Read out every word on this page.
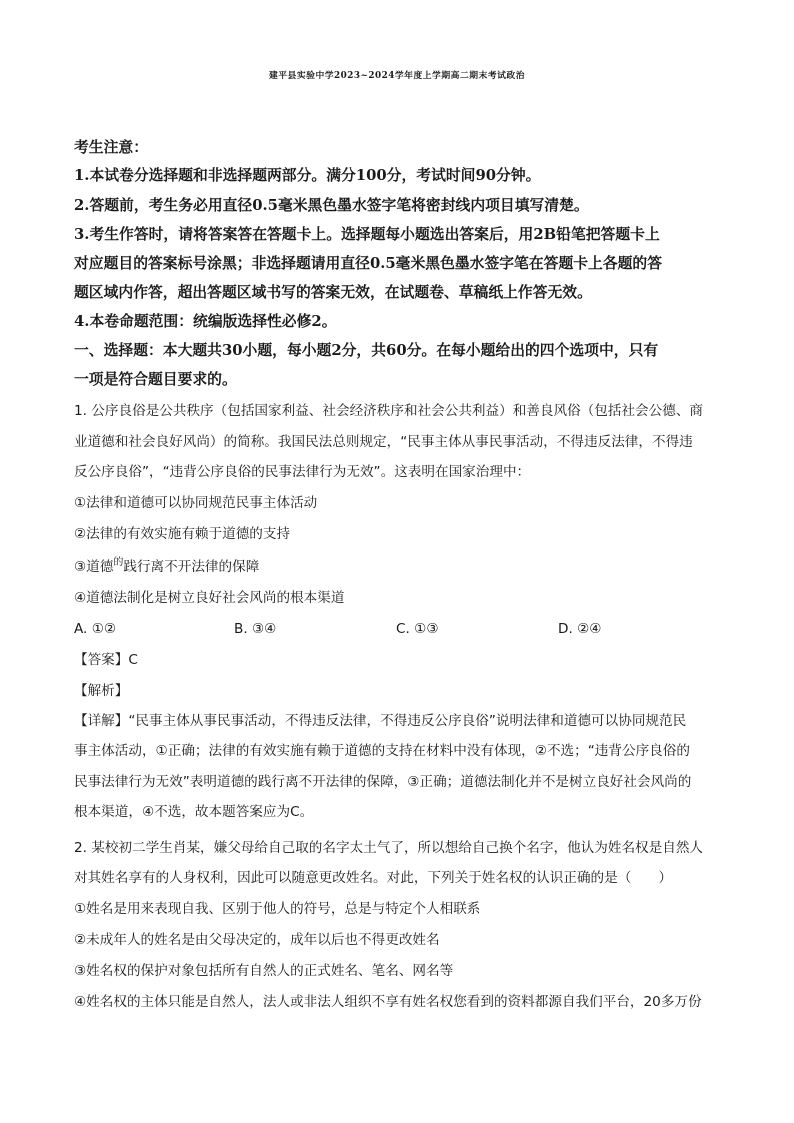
建平县实验中学2023~2024学年度上学期高二期末考试政治
考生注意：
1.本试卷分选择题和非选择题两部分。满分100分，考试时间90分钟。
2.答题前，考生务必用直径0.5毫米黑色墨水签字笔将密封线内项目填写清楚。
3.考生作答时，请将答案答在答题卡上。选择题每小题选出答案后，用2B铅笔把答题卡上
对应题目的答案标号涂黑；非选择题请用直径0.5毫米黑色墨水签字笔在答题卡上各题的答
题区域内作答，超出答题区域书写的答案无效，在试题卷、草稿纸上作答无效。
4.本卷命题范围：统编版选择性必修2。
一、选择题：本大题共30小题，每小题2分，共60分。在每小题给出的四个选项中，只有
一项是符合题目要求的。
1. 公序良俗是公共秩序（包括国家利益、社会经济秩序和社会公共利益）和善良风俗（包括社会公德、商
业道德和社会良好风尚）的简称。我国民法总则规定，“民事主体从事民事活动，不得违反法律，不得违
反公序良俗”，“违背公序良俗的民事法律行为无效”。这表明在国家治理中：
①法律和道德可以协同规范民事主体活动
②法律的有效实施有赖于道德的支持
③道德$^的$践行离不开法律的保障
④道德法制化是树立良好社会风尚的根本渠道
A. ①②	B. ③④	C. ①③	D. ②④
【答案】C
【解析】
【详解】“民事主体从事民事活动，不得违反法律，不得违反公序良俗”说明法律和道德可以协同规范民
事主体活动，①正确；法律的有效实施有赖于道德的支持在材料中没有体现，②不选；“违背公序良俗的
民事法律行为无效”表明道德的践行离不开法律的保障，③正确；道德法制化并不是树立良好社会风尚的
根本渠道，④不选，故本题答案应为C。
2. 某校初二学生肖某，嫌父母给自己取的名字太土气了，所以想给自己换个名字，他认为姓名权是自然人
对其姓名享有的人身权利，因此可以随意更改姓名。对此，下列关于姓名权的认识正确的是（　　）
①姓名是用来表现自我、区别于他人的符号，总是与特定个人相联系
②未成年人的姓名是由父母决定的，成年以后也不得更改姓名
③姓名权的保护对象包括所有自然人的正式姓名、笔名、网名等
④姓名权的主体只能是自然人，法人或非法人组织不享有姓名权您看到的资料都源自我们平台，20多万份
